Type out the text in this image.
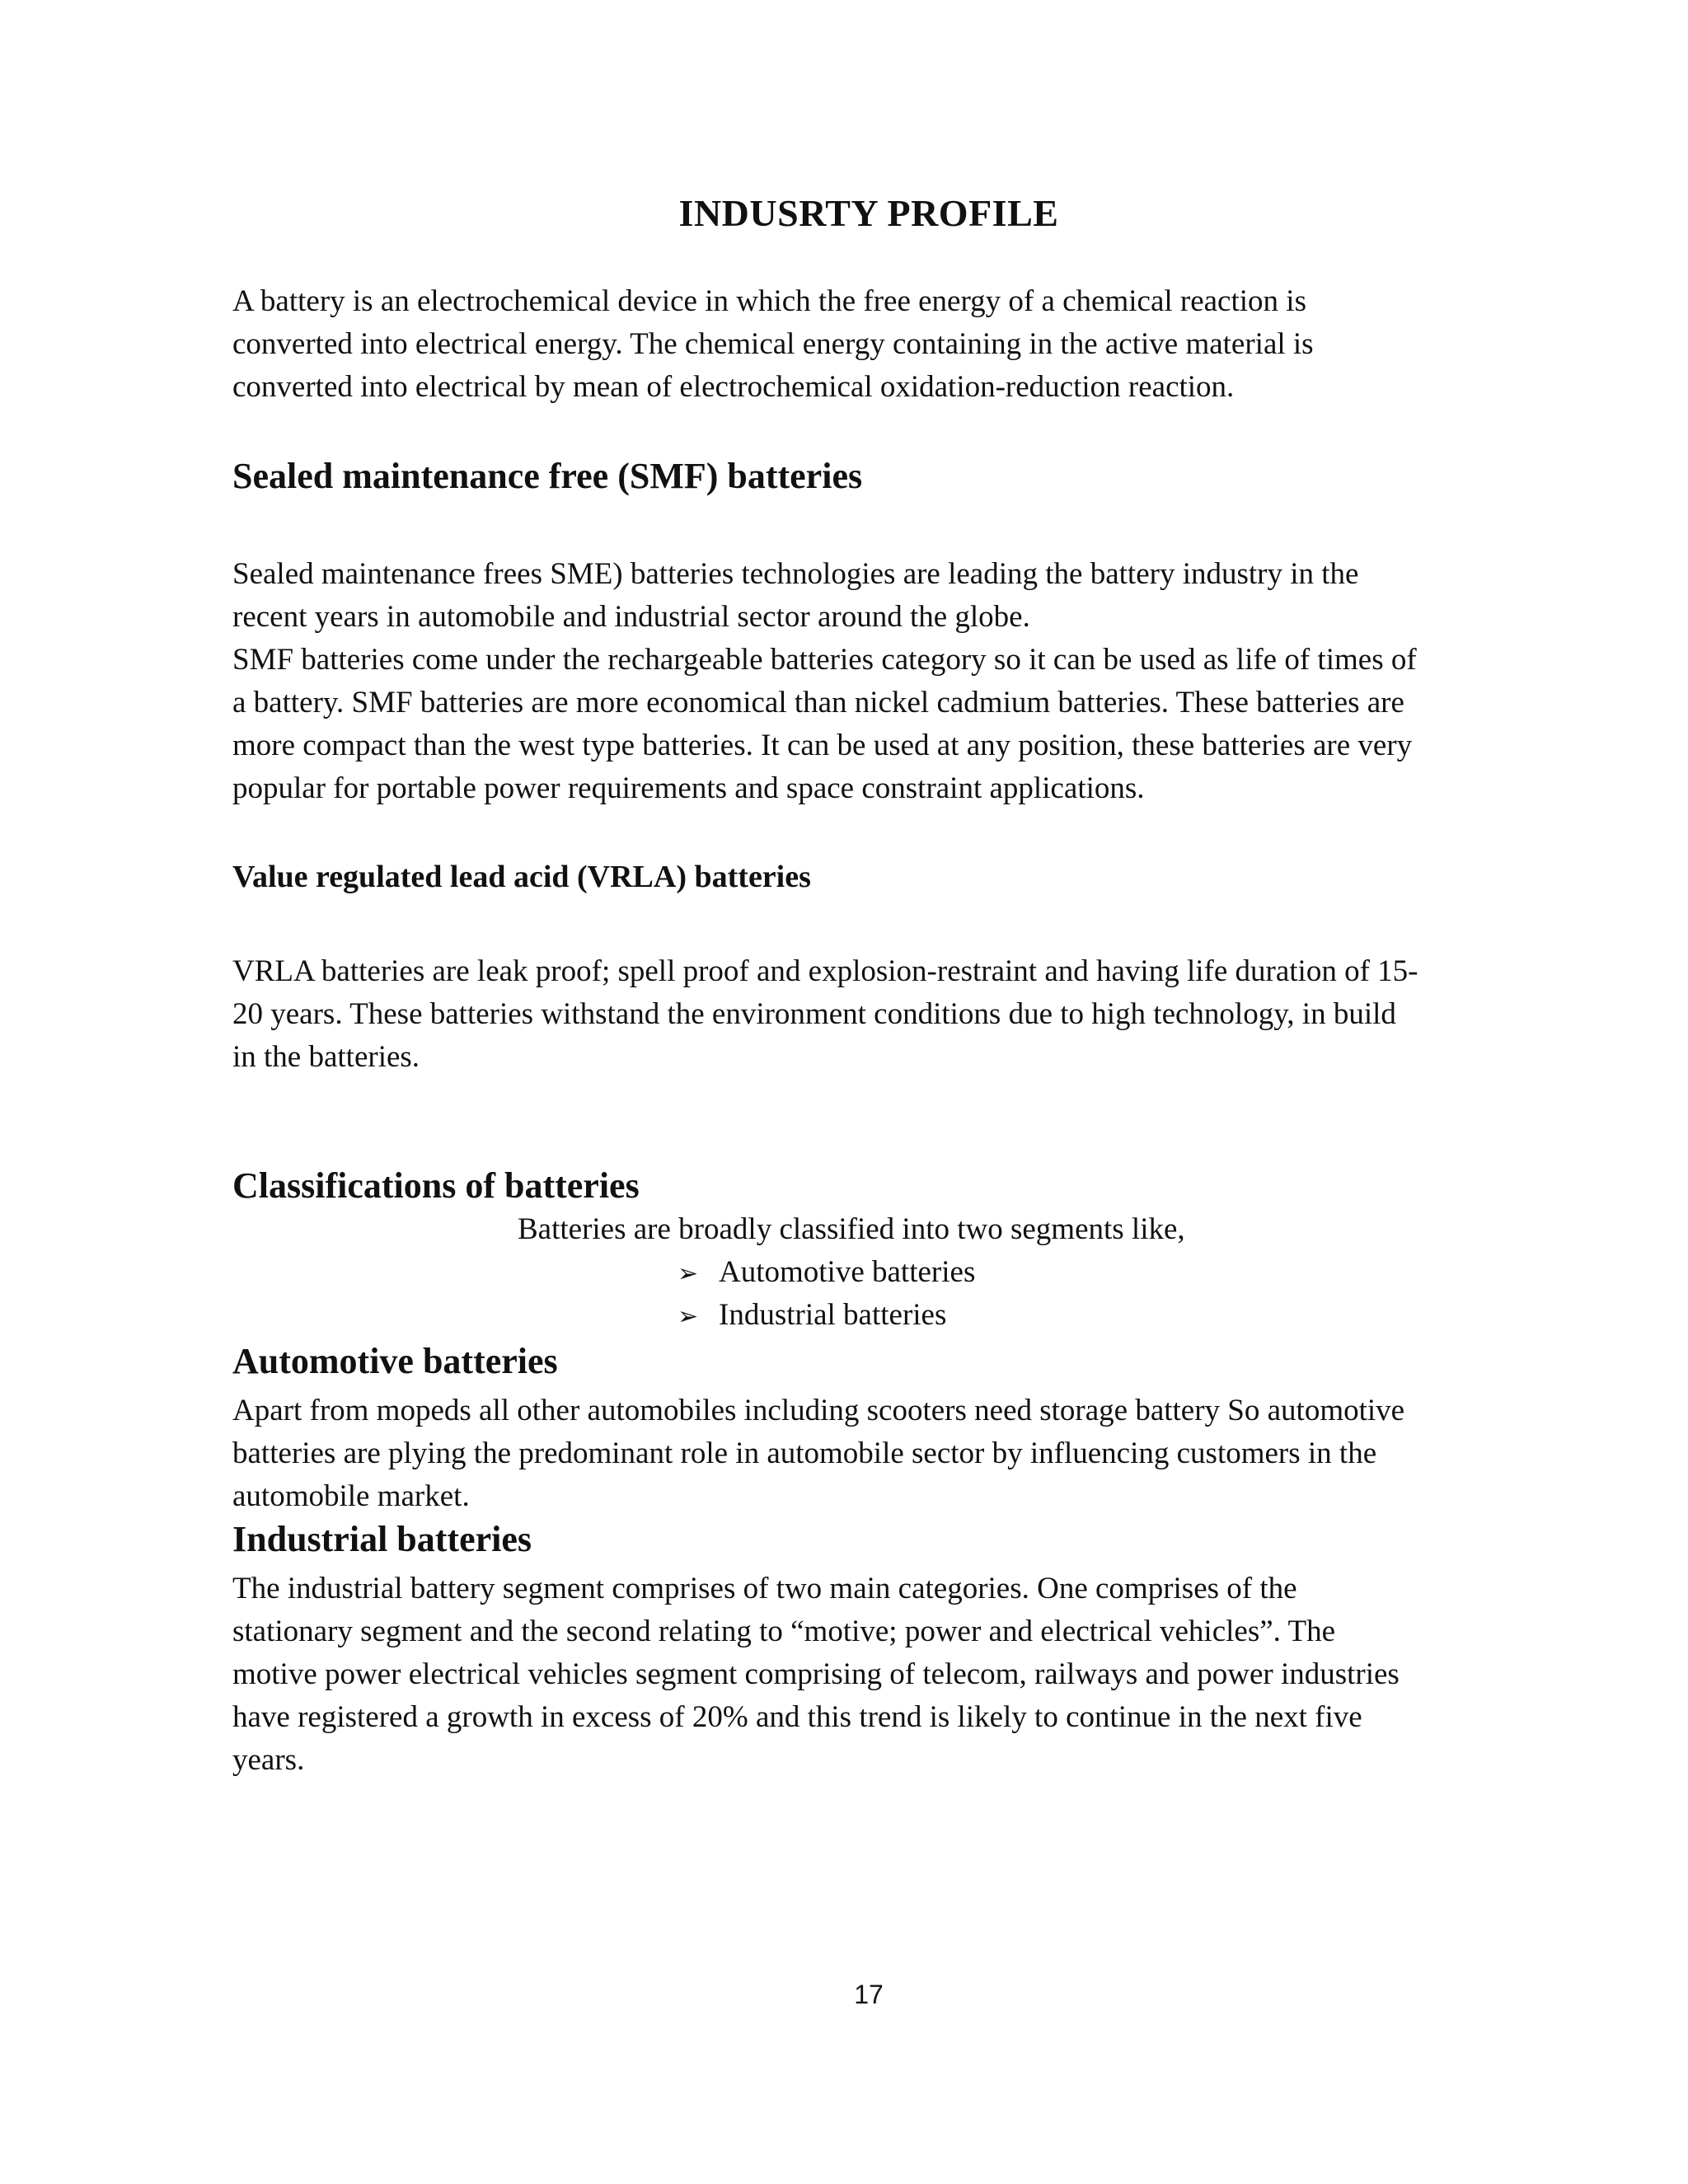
INDUSRTY PROFILE
A battery is an electrochemical device in which the free energy of a chemical reaction is
converted into electrical energy. The chemical energy containing in the active material is
converted into electrical by mean of electrochemical oxidation-reduction reaction.
Sealed maintenance free (SMF) batteries
Sealed maintenance frees SME) batteries technologies are leading the battery industry in the
recent years in automobile and industrial sector around the globe.
SMF batteries come under the rechargeable batteries category so it can be used as life of times of
a battery. SMF batteries are more economical than nickel cadmium batteries. These batteries are
more compact than the west type batteries. It can be used at any position, these batteries are very
popular for portable power requirements and space constraint applications.
Value regulated lead acid (VRLA) batteries
VRLA batteries are leak proof; spell proof and explosion-restraint and having life duration of 15-
20 years. These batteries withstand the environment conditions due to high technology, in build
in the batteries.
Classifications of batteries
Batteries are broadly classified into two segments like,
➢ Automotive batteries
➢ Industrial batteries
Automotive batteries
Apart from mopeds all other automobiles including scooters need storage battery So automotive
batteries are plying the predominant role in automobile sector by influencing customers in the
automobile market.
Industrial batteries
The industrial battery segment comprises of two main categories. One comprises of the
stationary segment and the second relating to “motive; power and electrical vehicles”. The
motive power electrical vehicles segment comprising of telecom, railways and power industries
have registered a growth in excess of 20% and this trend is likely to continue in the next five
years.
17
